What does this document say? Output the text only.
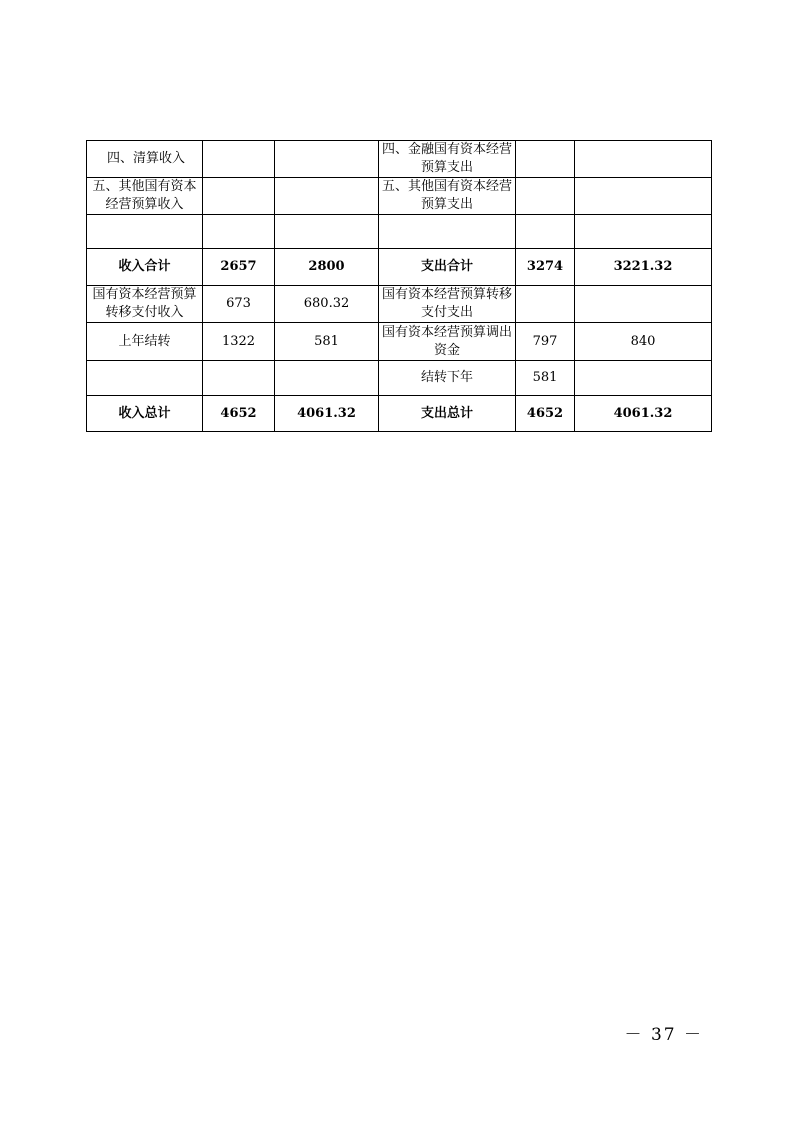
四、清算收入			四、金融国有资本经营预算支出		
五、其他国有资本经营预算收入			五、其他国有资本经营预算支出		

收入合计	2657	2800	支出合计	3274	3221.32
国有资本经营预算转移支付收入	673	680.32	国有资本经营预算转移支付支出		
上年结转	1322	581	国有资本经营预算调出资金	797	840
			结转下年	581	
收入总计	4652	4061.32	支出总计	4652	4061.32
－ 37 －
